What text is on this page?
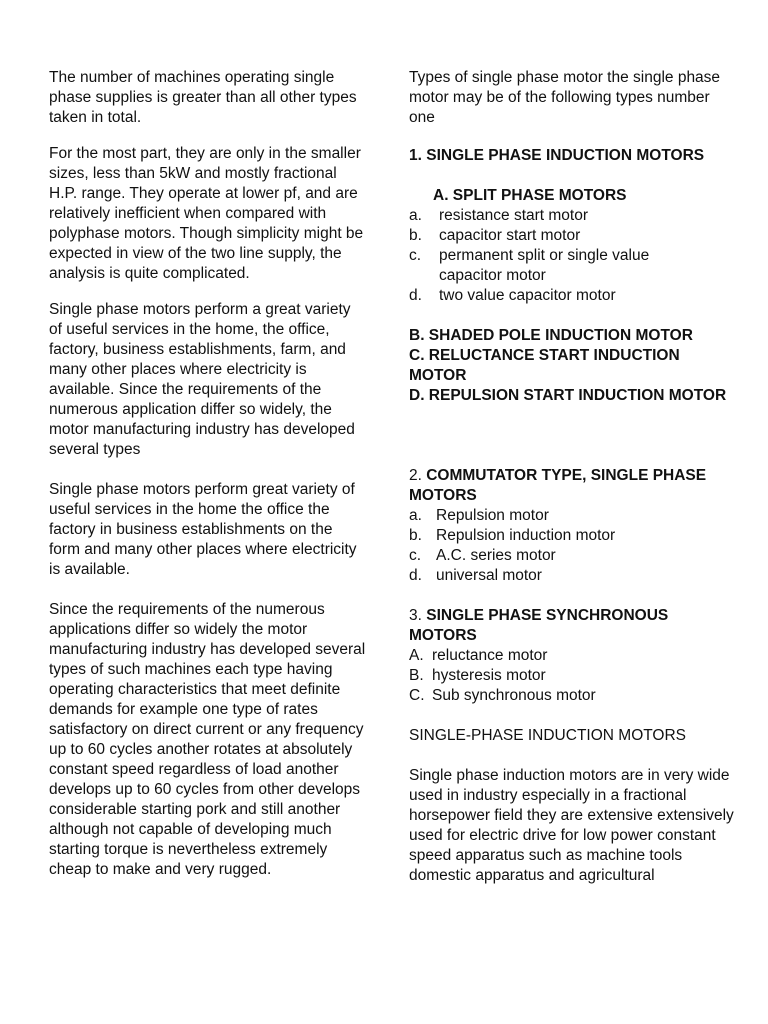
The number of machines operating single phase supplies is greater than all other types taken in total.

For the most part, they are only in the smaller sizes, less than 5kW and mostly fractional H.P. range. They operate at lower pf, and are relatively inefficient when compared with polyphase motors. Though simplicity might be expected in view of the two line supply, the analysis is quite complicated.

Single phase motors perform a great variety of useful services in the home, the office, factory, business establishments, farm, and many other places where electricity is available. Since the requirements of the numerous application differ so widely, the motor manufacturing industry has developed several types

Single phase motors perform great variety of useful services in the home the office the factory in business establishments on the form and many other places where electricity is available.

Since the requirements of the numerous applications differ so widely the motor manufacturing industry has developed several types of such machines each type having operating characteristics that meet definite demands for example one type of rates satisfactory on direct current or any frequency up to 60 cycles another rotates at absolutely constant speed regardless of load another develops up to 60 cycles from other develops considerable starting pork and still another although not capable of developing much starting torque is nevertheless extremely cheap to make and very rugged.

Types of single phase motor the single phase motor may be of the following types number one

1. SINGLE PHASE INDUCTION MOTORS

A. SPLIT PHASE MOTORS

a.	resistance start motor
b.	capacitor start motor
c.	permanent split or single value
capacitor motor
d.	two value capacitor motor

B. SHADED POLE INDUCTION MOTOR

C. RELUCTANCE START INDUCTION MOTOR

D. REPULSION START INDUCTION MOTOR

2. COMMUTATOR TYPE, SINGLE PHASE MOTORS

a. Repulsion motor
b. Repulsion induction motor
c. A.C. series motor
d. universal motor

3. SINGLE PHASE SYNCHRONOUS MOTORS

A. reluctance motor
B. hysteresis motor
C. Sub synchronous motor

SINGLE-PHASE INDUCTION MOTORS

Single phase induction motors are in very wide used in industry especially in a fractional horsepower field they are extensive extensively used for electric drive for low power constant speed apparatus such as machine tools domestic apparatus and agricultural
